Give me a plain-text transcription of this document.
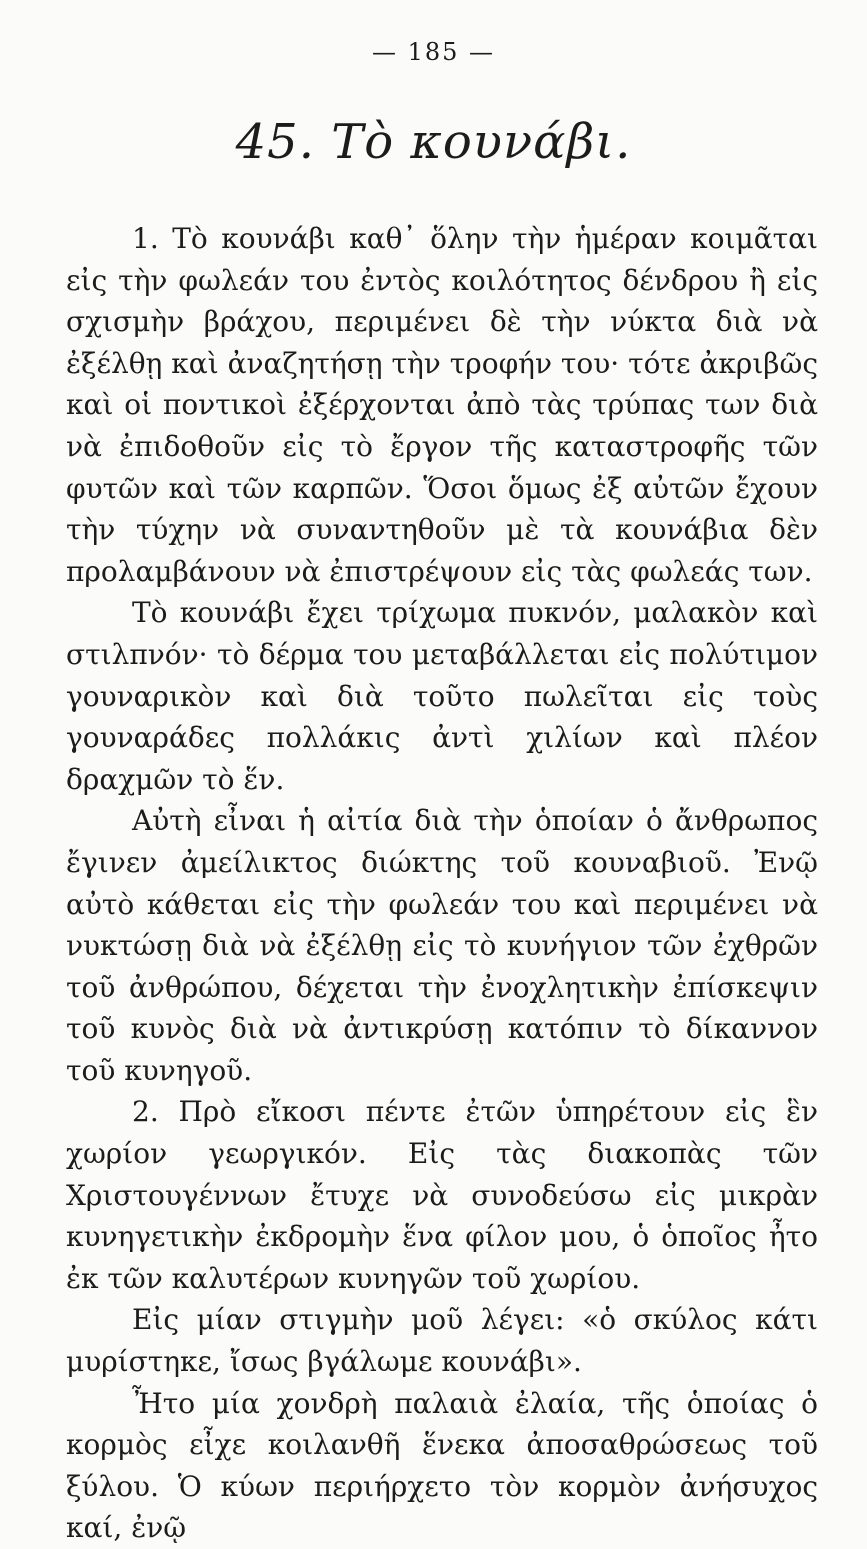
— 185 —
45. Τὸ κουνάβι.

1. Τὸ κουνάβι καθ᾿ ὅλην τὴν ἡμέραν κοιμᾶται εἰς τὴν φωλεάν του ἐντὸς κοιλότητος δένδρου ἢ εἰς σχισμὴν βράχου, περιμένει δὲ τὴν νύκτα διὰ νὰ ἐξέλθῃ καὶ ἀναζητήσῃ τὴν τροφήν του· τότε ἀκριβῶς καὶ οἱ ποντικοὶ ἐξέρχονται ἀπὸ τὰς τρύπας των διὰ νὰ ἐπιδοθοῦν εἰς τὸ ἔργον τῆς καταστροφῆς τῶν φυτῶν καὶ τῶν καρπῶν. Ὅσοι ὅμως ἐξ αὐτῶν ἔχουν τὴν τύχην νὰ συναντηθοῦν μὲ τὰ κουνάβια δὲν προλαμβάνουν νὰ ἐπιστρέψουν εἰς τὰς φωλεάς των.

Τὸ κουνάβι ἔχει τρίχωμα πυκνόν, μαλακὸν καὶ στιλπνόν· τὸ δέρμα του μεταβάλλεται εἰς πολύτιμον γουναρικὸν καὶ διὰ τοῦτο πωλεῖται εἰς τοὺς γουναράδες πολλάκις ἀντὶ χιλίων καὶ πλέον δραχμῶν τὸ ἕν.

Αὐτὴ εἶναι ἡ αἰτία διὰ τὴν ὁποίαν ὁ ἄνθρωπος ἔγινεν ἀμείλικτος διώκτης τοῦ κουναβιοῦ. Ἐνῷ αὐτὸ κάθεται εἰς τὴν φωλεάν του καὶ περιμένει νὰ νυκτώσῃ διὰ νὰ ἐξέλθῃ εἰς τὸ κυνήγιον τῶν ἐχθρῶν τοῦ ἀνθρώπου, δέχεται τὴν ἐνοχλητικὴν ἐπίσκεψιν τοῦ κυνὸς διὰ νὰ ἀντικρύσῃ κατόπιν τὸ δίκαννον τοῦ κυνηγοῦ.

2. Πρὸ εἴκοσι πέντε ἐτῶν ὑπηρέτουν εἰς ἓν χωρίον γεωργικόν. Εἰς τὰς διακοπὰς τῶν Χριστουγέννων ἔτυχε νὰ συνοδεύσω εἰς μικρὰν κυνηγετικὴν ἐκδρομὴν ἕνα φίλον μου, ὁ ὁποῖος ἦτο ἐκ τῶν καλυτέρων κυνηγῶν τοῦ χωρίου.

Εἰς μίαν στιγμὴν μοῦ λέγει: «ὁ σκύλος κάτι μυρίστηκε, ἴσως βγάλωμε κουνάβι».

Ἦτο μία χονδρὴ παλαιὰ ἐλαία, τῆς ὁποίας ὁ κορμὸς εἶχε κοιλανθῆ ἕνεκα ἀποσαθρώσεως τοῦ ξύλου. Ὁ κύων περιήρχετο τὸν κορμὸν ἀνήσυχος καί, ἐνῷ
